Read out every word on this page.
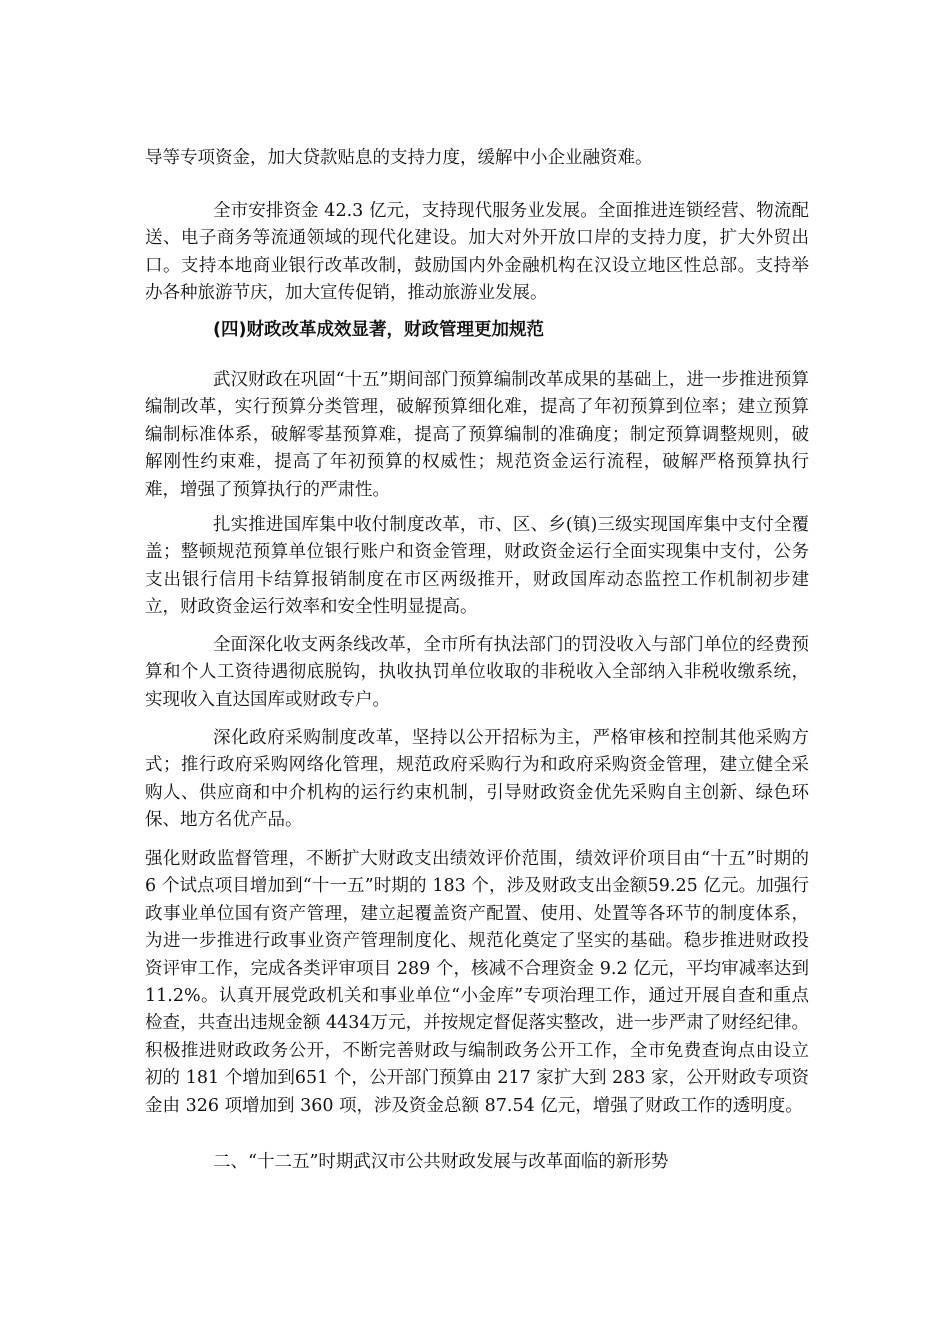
导等专项资金，加大贷款贴息的支持力度，缓解中小企业融资难。

全市安排资金 42.3 亿元，支持现代服务业发展。全面推进连锁经营、物流配送、电子商务等流通领域的现代化建设。加大对外开放口岸的支持力度，扩大外贸出口。支持本地商业银行改革改制，鼓励国内外金融机构在汉设立地区性总部。支持举办各种旅游节庆，加大宣传促销，推动旅游业发展。

(四)财政改革成效显著，财政管理更加规范

武汉财政在巩固“十五”期间部门预算编制改革成果的基础上，进一步推进预算编制改革，实行预算分类管理，破解预算细化难，提高了年初预算到位率；建立预算编制标准体系，破解零基预算难，提高了预算编制的准确度；制定预算调整规则，破解刚性约束难，提高了年初预算的权威性；规范资金运行流程，破解严格预算执行难，增强了预算执行的严肃性。

扎实推进国库集中收付制度改革，市、区、乡(镇)三级实现国库集中支付全覆盖；整顿规范预算单位银行账户和资金管理，财政资金运行全面实现集中支付，公务支出银行信用卡结算报销制度在市区两级推开，财政国库动态监控工作机制初步建立，财政资金运行效率和安全性明显提高。

全面深化收支两条线改革，全市所有执法部门的罚没收入与部门单位的经费预算和个人工资待遇彻底脱钩，执收执罚单位收取的非税收入全部纳入非税收缴系统，实现收入直达国库或财政专户。

深化政府采购制度改革，坚持以公开招标为主，严格审核和控制其他采购方式；推行政府采购网络化管理，规范政府采购行为和政府采购资金管理，建立健全采购人、供应商和中介机构的运行约束机制，引导财政资金优先采购自主创新、绿色环保、地方名优产品。

强化财政监督管理，不断扩大财政支出绩效评价范围，绩效评价项目由“十五”时期的 6 个试点项目增加到“十一五”时期的 183 个，涉及财政支出金额59.25 亿元。加强行政事业单位国有资产管理，建立起覆盖资产配置、使用、处置等各环节的制度体系，为进一步推进行政事业资产管理制度化、规范化奠定了坚实的基础。稳步推进财政投资评审工作，完成各类评审项目 289 个，核减不合理资金 9.2 亿元，平均审减率达到 11.2%。认真开展党政机关和事业单位“小金库”专项治理工作，通过开展自查和重点检查，共查出违规金额 4434万元，并按规定督促落实整改，进一步严肃了财经纪律。积极推进财政政务公开，不断完善财政与编制政务公开工作，全市免费查询点由设立初的 181 个增加到651 个，公开部门预算由 217 家扩大到 283 家，公开财政专项资金由 326 项增加到 360 项，涉及资金总额 87.54 亿元，增强了财政工作的透明度。

二、“十二五”时期武汉市公共财政发展与改革面临的新形势
